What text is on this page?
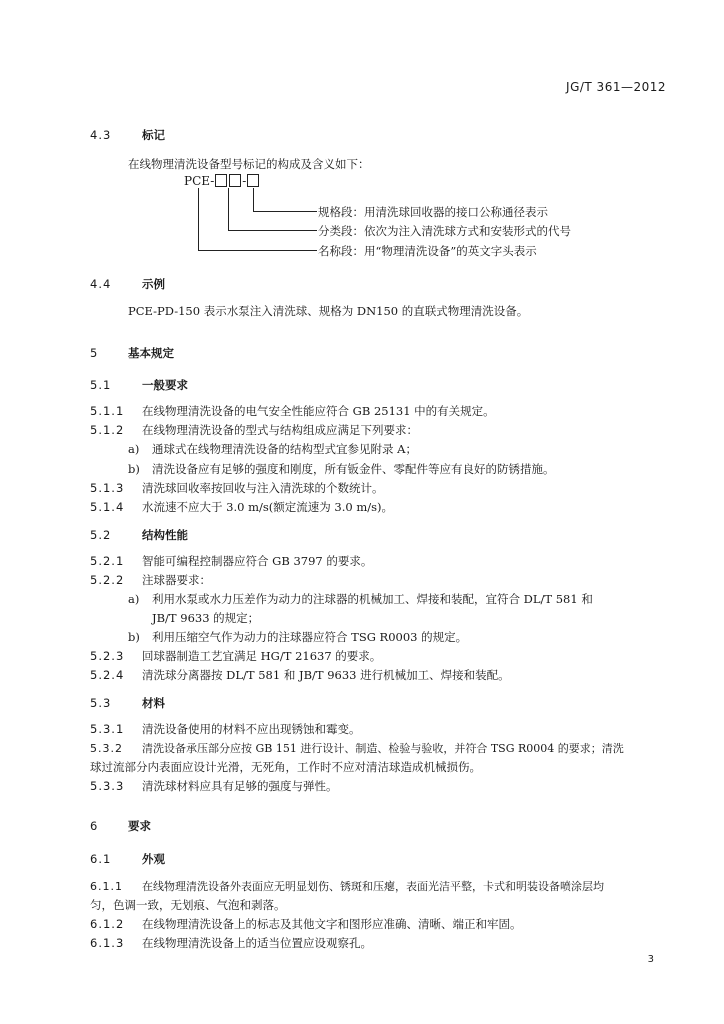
JG/T 361—2012
4.3	标记
在线物理清洗设备型号标记的构成及含义如下：
PCE- -
规格段：用清洗球回收器的接口公称通径表示
分类段：依次为注入清洗球方式和安装形式的代号
名称段：用“物理清洗设备”的英文字头表示
4.4	示例
PCE-PD-150 表示水泵注入清洗球、规格为 DN150 的直联式物理清洗设备。
5	基本规定
5.1	一般要求
5.1.1 在线物理清洗设备的电气安全性能应符合 GB 25131 中的有关规定。
5.1.2 在线物理清洗设备的型式与结构组成应满足下列要求：
a) 通球式在线物理清洗设备的结构型式宜参见附录 A；
b) 清洗设备应有足够的强度和刚度，所有钣金件、零配件等应有良好的防锈措施。
5.1.3 清洗球回收率按回收与注入清洗球的个数统计。
5.1.4 水流速不应大于 3.0 m/s(额定流速为 3.0 m/s)。
5.2	结构性能
5.2.1 智能可编程控制器应符合 GB 3797 的要求。
5.2.2 注球器要求：
a) 利用水泵或水力压差作为动力的注球器的机械加工、焊接和装配，宜符合 DL/T 581 和
JB/T 9633 的规定；
b) 利用压缩空气作为动力的注球器应符合 TSG R0003 的规定。
5.2.3 回球器制造工艺宜满足 HG/T 21637 的要求。
5.2.4 清洗球分离器按 DL/T 581 和 JB/T 9633 进行机械加工、焊接和装配。
5.3	材料
5.3.1 清洗设备使用的材料不应出现锈蚀和霉变。
5.3.2 清洗设备承压部分应按 GB 151 进行设计、制造、检验与验收，并符合 TSG R0004 的要求；清洗
球过流部分内表面应设计光滑，无死角，工作时不应对清洁球造成机械损伤。
5.3.3 清洗球材料应具有足够的强度与弹性。
6	要求
6.1	外观
6.1.1 在线物理清洗设备外表面应无明显划伤、锈斑和压瘪，表面光洁平整，卡式和明装设备喷涂层均
匀，色调一致，无划痕、气泡和剥落。
6.1.2 在线物理清洗设备上的标志及其他文字和图形应准确、清晰、端正和牢固。
6.1.3 在线物理清洗设备上的适当位置应设观察孔。
3
